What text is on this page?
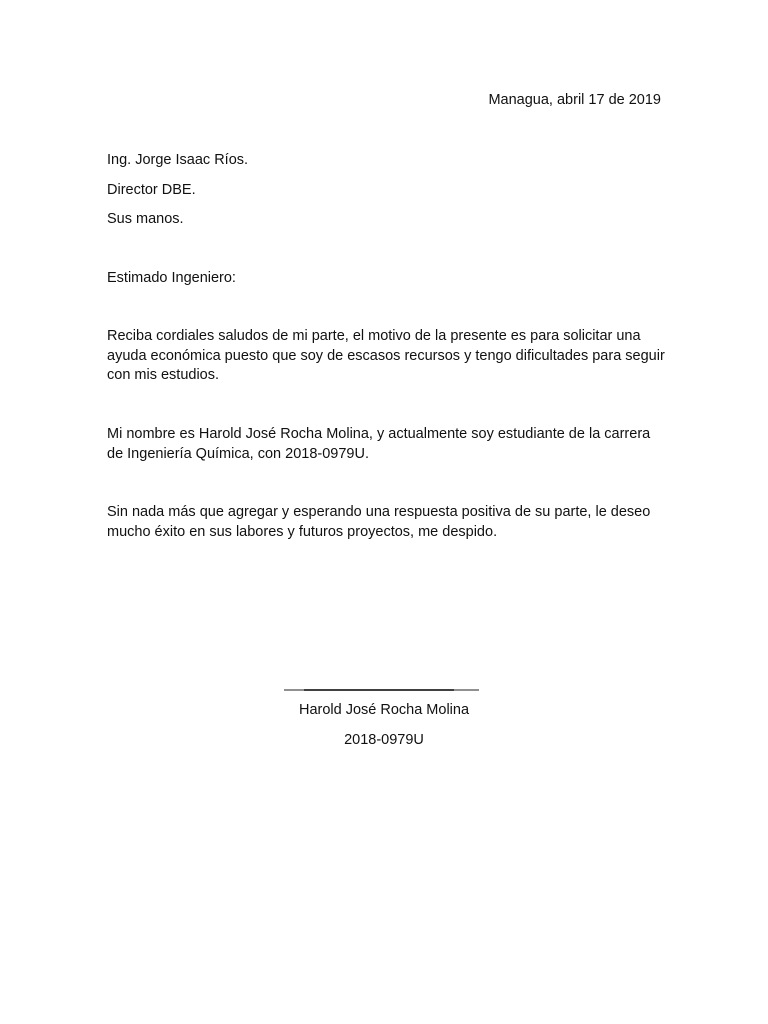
Managua, abril 17 de 2019
Ing. Jorge Isaac Ríos.
Director DBE.
Sus manos.
Estimado Ingeniero:

Reciba cordiales saludos de mi parte, el motivo de la presente es para solicitar una ayuda económica puesto que soy de escasos recursos y tengo dificultades para seguir con mis estudios.

Mi nombre es Harold José Rocha Molina, y actualmente soy estudiante de la carrera de Ingeniería Química, con 2018-0979U.

Sin nada más que agregar y esperando una respuesta positiva de su parte, le deseo mucho éxito en sus labores y futuros proyectos, me despido.

Harold José Rocha Molina
2018-0979U
